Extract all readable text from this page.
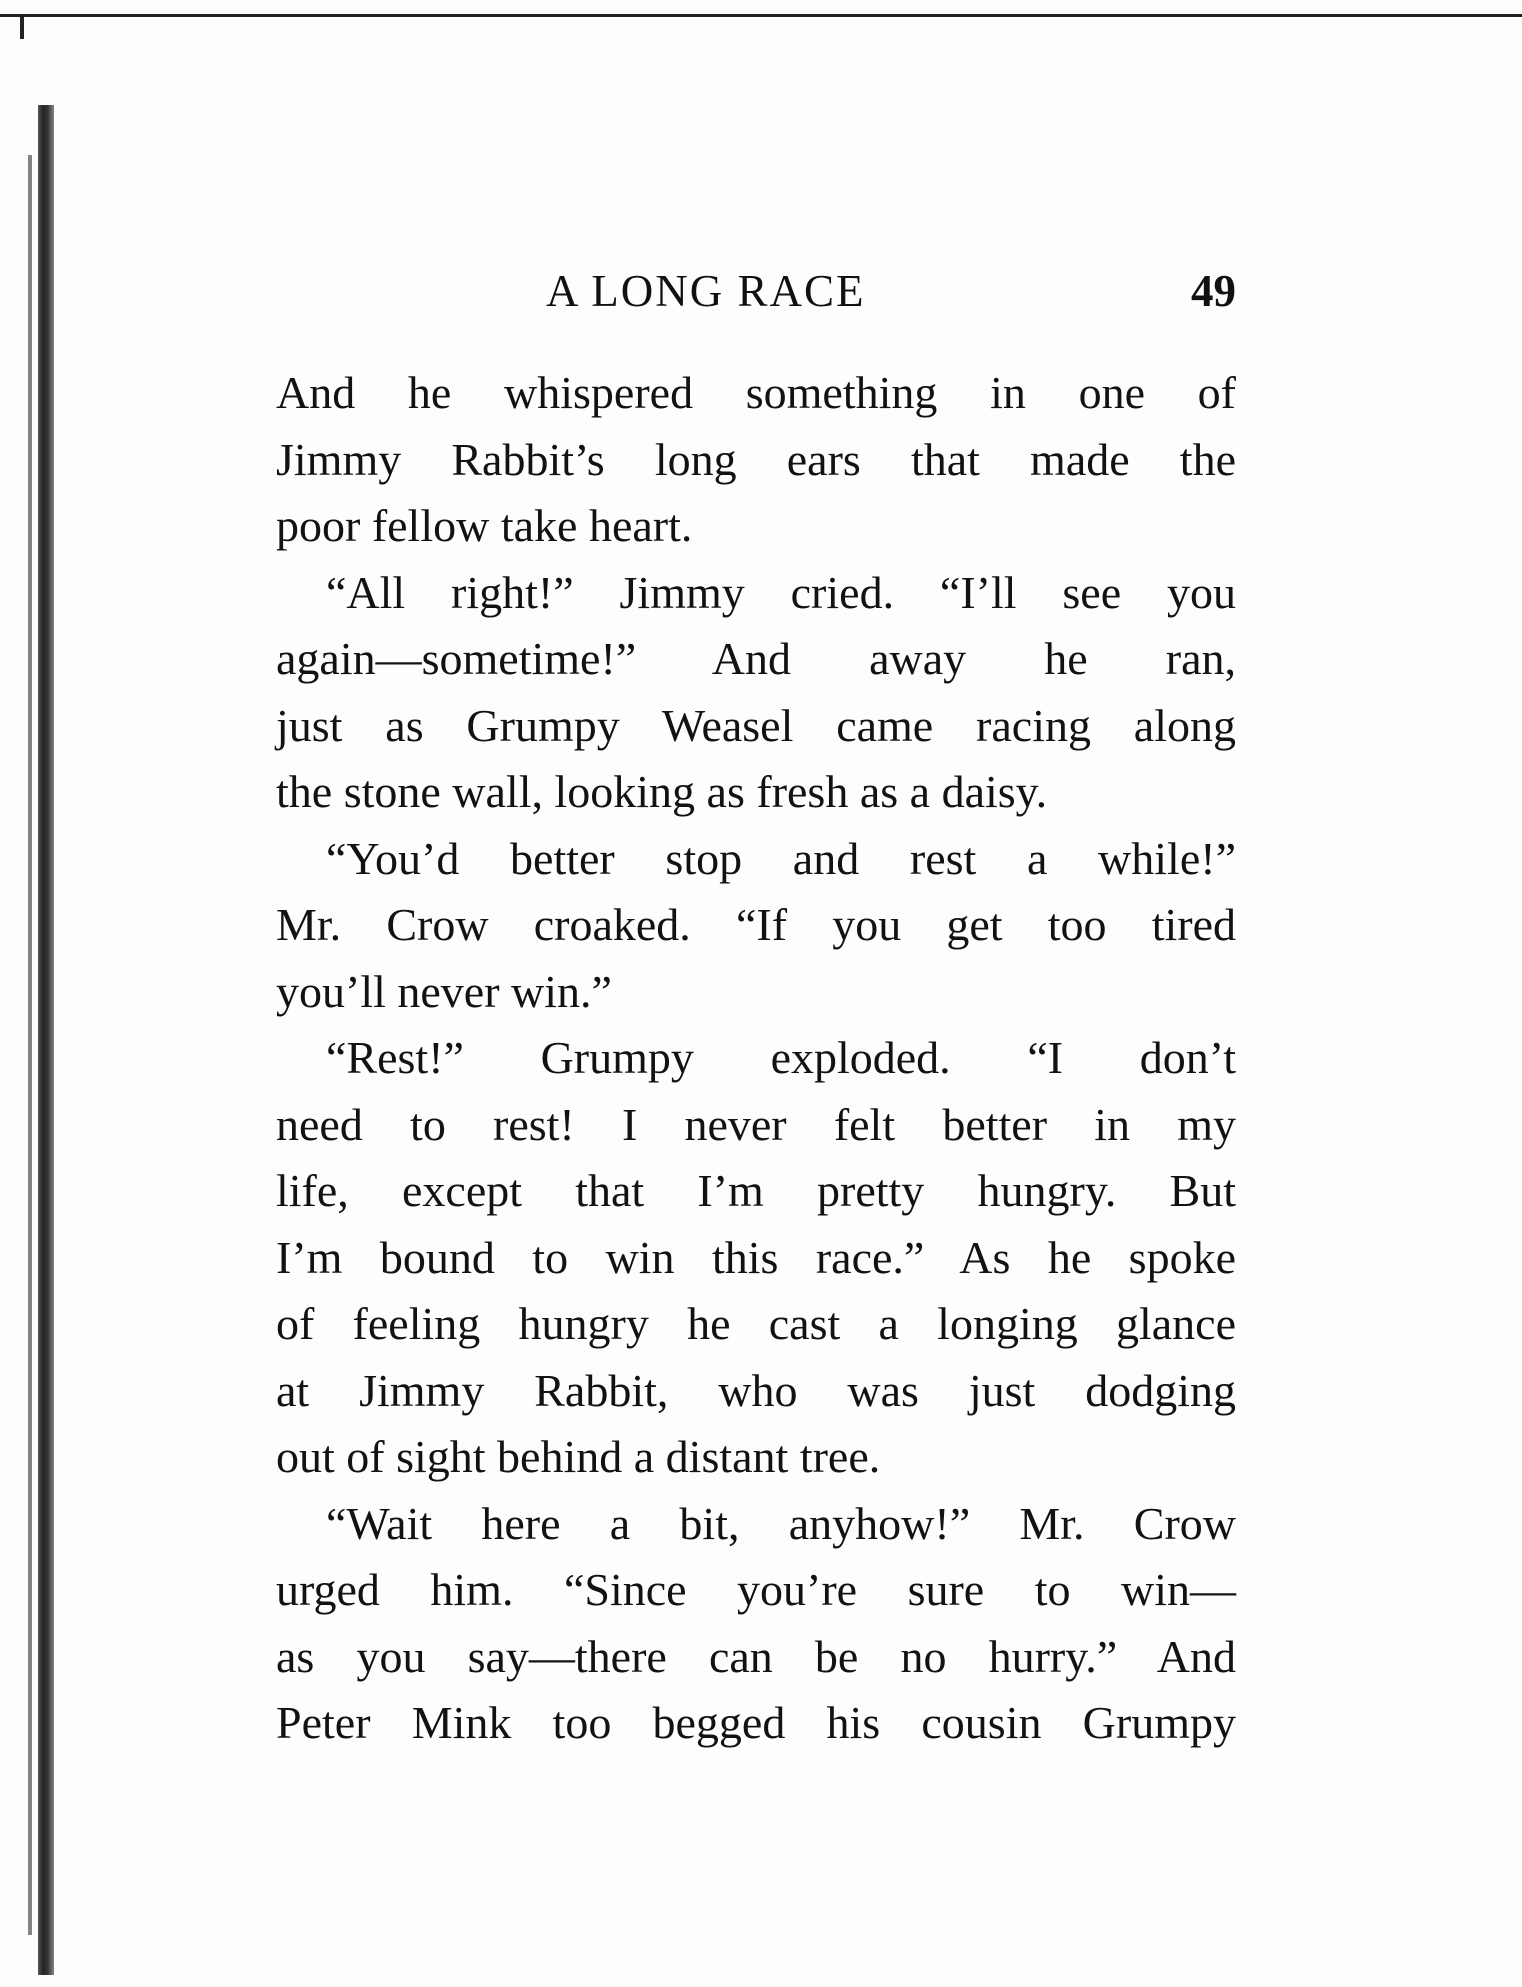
A LONG RACE	49
And he whispered something in one of
Jimmy Rabbit’s long ears that made the
poor fellow take heart.
“All right!” Jimmy cried. “I’ll see you
again—sometime!” And away he ran,
just as Grumpy Weasel came racing along
the stone wall, looking as fresh as a daisy.
“You’d better stop and rest a while!”
Mr. Crow croaked. “If you get too tired
you’ll never win.”
“Rest!” Grumpy exploded. “I don’t
need to rest! I never felt better in my
life, except that I’m pretty hungry. But
I’m bound to win this race.” As he spoke
of feeling hungry he cast a longing glance
at Jimmy Rabbit, who was just dodging
out of sight behind a distant tree.
“Wait here a bit, anyhow!” Mr. Crow
urged him. “Since you’re sure to win—
as you say—there can be no hurry.” And
Peter Mink too begged his cousin Grumpy
